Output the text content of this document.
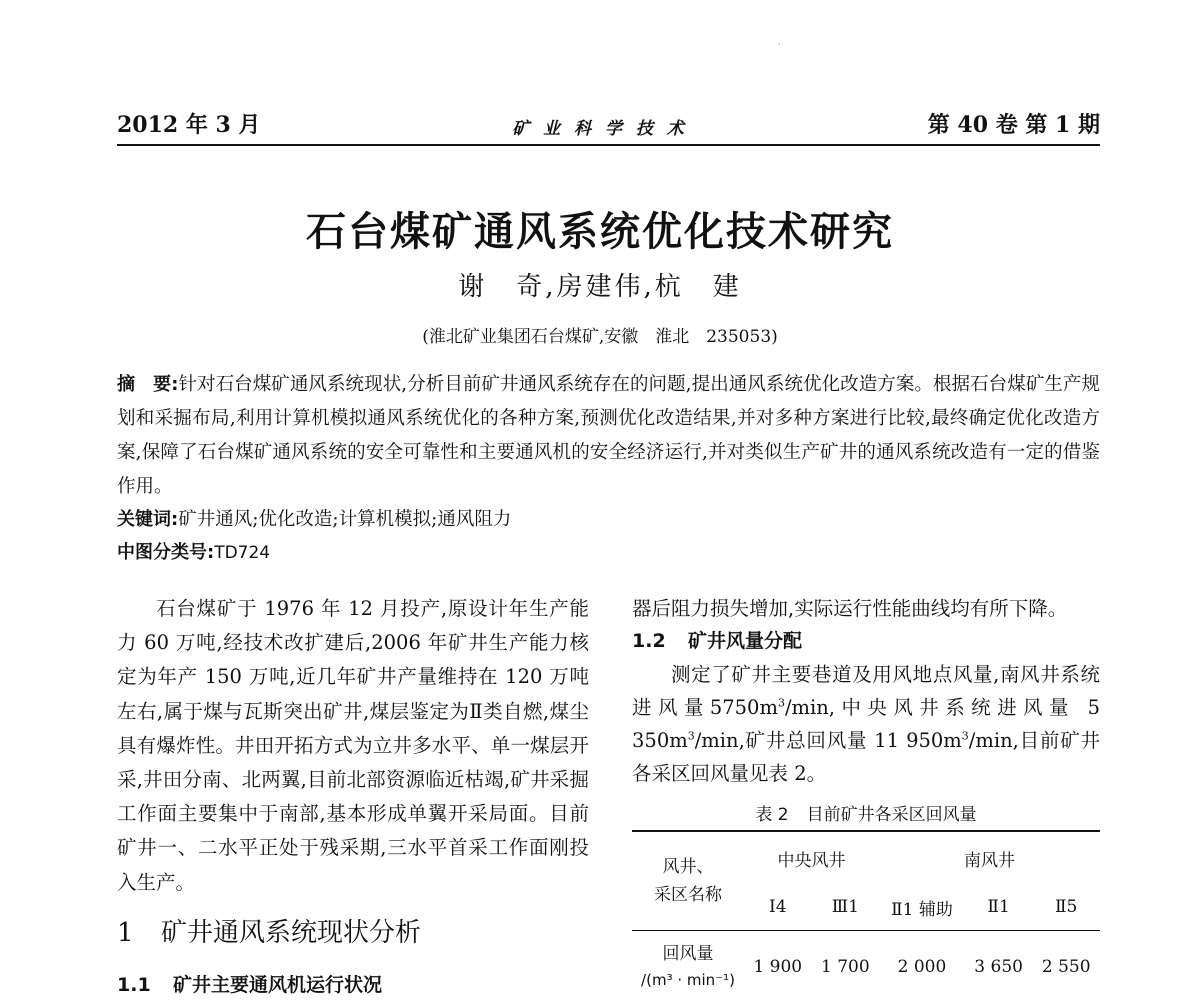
·
2012 年 3 月	矿 业 科 学 技 术	第 40 卷 第 1 期
石台煤矿通风系统优化技术研究
谢　奇,房建伟,杭　建
(淮北矿业集团石台煤矿,安徽　淮北　235053)
摘　要:针对石台煤矿通风系统现状,分析目前矿井通风系统存在的问题,提出通风系统优化改造方案。根据石台煤矿生产规划和采掘布局,利用计算机模拟通风系统优化的各种方案,预测优化改造结果,并对多种方案进行比较,最终确定优化改造方案,保障了石台煤矿通风系统的安全可靠性和主要通风机的安全经济运行,并对类似生产矿井的通风系统改造有一定的借鉴作用。
关键词:矿井通风;优化改造;计算机模拟;通风阻力
中图分类号:TD724

石台煤矿于 1976 年 12 月投产,原设计年生产能力 60 万吨,经技术改扩建后,2006 年矿井生产能力核定为年产 150 万吨,近几年矿井产量维持在 120 万吨左右,属于煤与瓦斯突出矿井,煤层鉴定为Ⅱ类自燃,煤尘具有爆炸性。井田开拓方式为立井多水平、单一煤层开采,井田分南、北两翼,目前北部资源临近枯竭,矿井采掘工作面主要集中于南部,基本形成单翼开采局面。目前矿井一、二水平正处于残采期,三水平首采工作面刚投入生产。

1 矿井通风系统现状分析
1.1 矿井主要通风机运行状况

器后阻力损失增加,实际运行性能曲线均有所下降。

1.2 矿井风量分配

测定了矿井主要巷道及用风地点风量,南风井系统进风量$5750m^3/\min$,中央风井系统进风量 5 $350m^3/\min$,矿井总回风量 11 $950m^3/\min$,目前矿井各采区回风量见表 2。

表 2 目前矿井各采区回风量
风井、
采区名称	中央风井		南风井		
	Ⅰ4	Ⅲ1	Ⅱ1 辅助	Ⅱ1	Ⅱ5

回风量
/(m³ · min⁻¹)	1 900	1 700	2 000	3 650	2 550
